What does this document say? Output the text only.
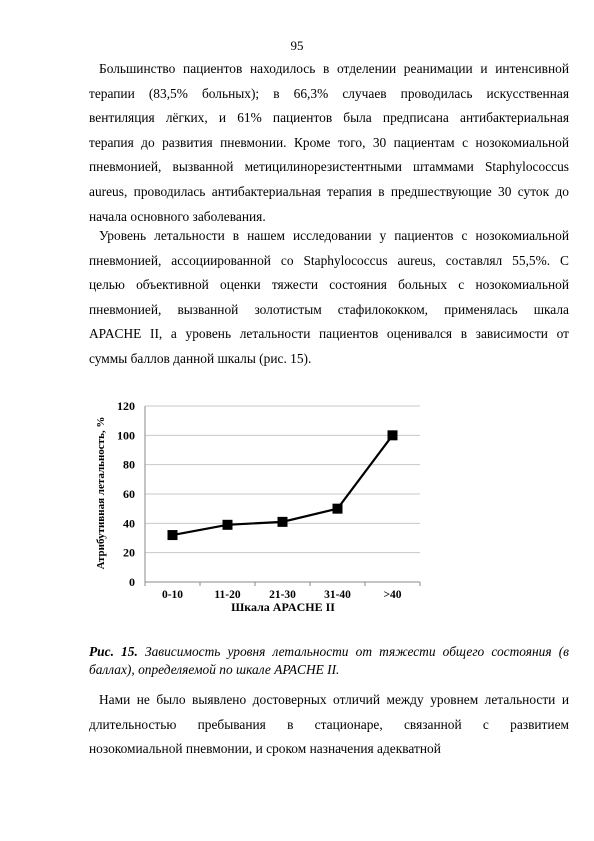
95
Большинство пациентов находилось в отделении реанимации и интенсивной
терапии (83,5% больных); в 66,3% случаев проводилась искусственная
вентиляция лёгких, и 61% пациентов была предписана антибактериальная
терапия до развития пневмонии. Кроме того, 30 пациентам с нозокомиальной
пневмонией, вызванной метицилинорезистентными штаммами Staphylococcus
aureus, проводилась антибактериальная терапия в предшествующие 30 суток до
начала основного заболевания.
Уровень летальности в нашем исследовании у пациентов с нозокомиальной
пневмонией, ассоциированной со Staphylococcus aureus, составлял 55,5%. С
целью объективной оценки тяжести состояния больных с нозокомиальной
пневмонией, вызванной золотистым стафилококком, применялась шкала
APACHE II, а уровень летальности пациентов оценивался в зависимости от
суммы баллов данной шкалы (рис. 15).
0
20
40
60
80
100
120
0-10	11-20 21-30 31-40	>40
Шкала APACHE II
Атрибутивная летальность, %
Рис. 15. Зависимость уровня летальности от тяжести общего состояния (в
баллах), определяемой по шкале APACHE II.
Нами не было выявлено достоверных отличий между уровнем летальности и
длительностью пребывания в стационаре, связанной с развитием
нозокомиальной пневмонии, и сроком назначения адекватной
